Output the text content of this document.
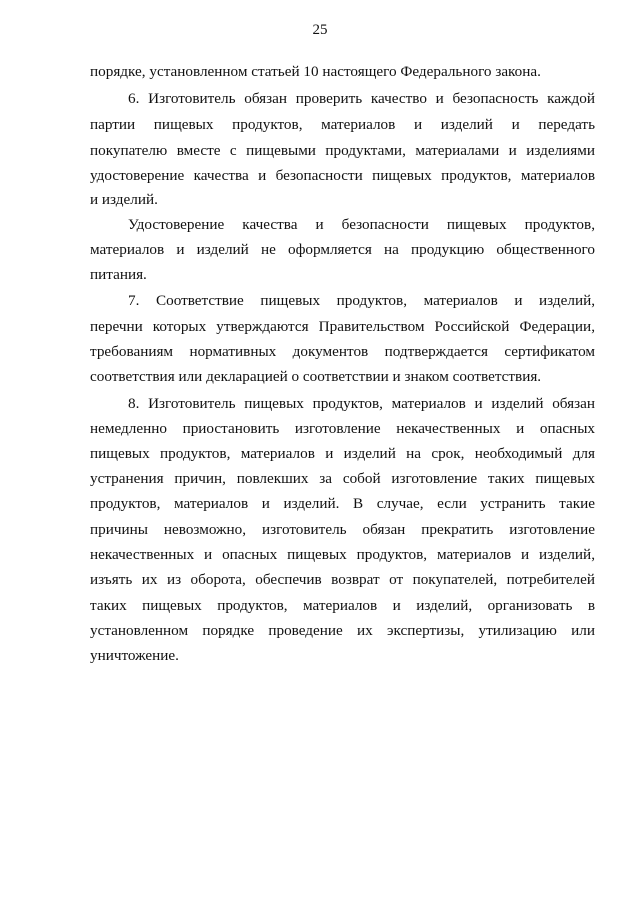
25
порядке, установленном статьей 10 настоящего Федерального закона.
6. Изготовитель обязан проверить качество и безопасность каждой
партии пищевых продуктов, материалов и изделий и передать
покупателю вместе с пищевыми продуктами, материалами и изделиями
удостоверение качества и безопасности пищевых продуктов, материалов
и изделий.
Удостоверение качества и безопасности пищевых продуктов,
материалов и изделий не оформляется на продукцию общественного
питания.
7. Соответствие пищевых продуктов, материалов и изделий,
перечни которых утверждаются Правительством Российской Федерации,
требованиям нормативных документов подтверждается сертификатом
соответствия или декларацией о соответствии и знаком соответствия.
8. Изготовитель пищевых продуктов, материалов и изделий обязан
немедленно приостановить изготовление некачественных и опасных
пищевых продуктов, материалов и изделий на срок, необходимый для
устранения причин, повлекших за собой изготовление таких пищевых
продуктов, материалов и изделий. В случае, если устранить такие
причины невозможно, изготовитель обязан прекратить изготовление
некачественных и опасных пищевых продуктов, материалов и изделий,
изъять их из оборота, обеспечив возврат от покупателей, потребителей
таких пищевых продуктов, материалов и изделий, организовать в
установленном порядке проведение их экспертизы, утилизацию или
уничтожение.
